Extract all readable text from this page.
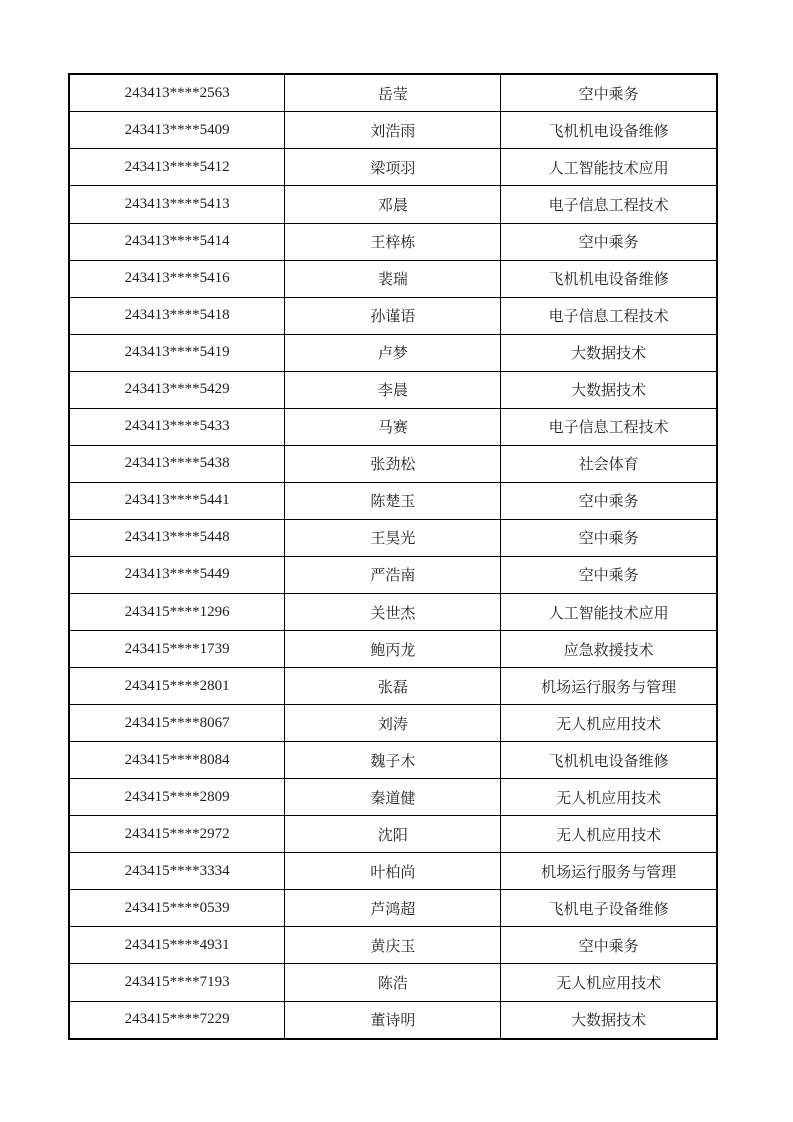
243413****2563	岳莹	空中乘务
243413****5409	刘浩雨	飞机机电设备维修
243413****5412	梁项羽	人工智能技术应用
243413****5413	邓晨	电子信息工程技术
243413****5414	王梓栋	空中乘务
243413****5416	裴瑞	飞机机电设备维修
243413****5418	孙谨语	电子信息工程技术
243413****5419	卢梦	大数据技术
243413****5429	李晨	大数据技术
243413****5433	马赛	电子信息工程技术
243413****5438	张劲松	社会体育
243413****5441	陈楚玉	空中乘务
243413****5448	王昊光	空中乘务
243413****5449	严浩南	空中乘务
243415****1296	关世杰	人工智能技术应用
243415****1739	鲍丙龙	应急救援技术
243415****2801	张磊	机场运行服务与管理
243415****8067	刘涛	无人机应用技术
243415****8084	魏子木	飞机机电设备维修
243415****2809	秦道健	无人机应用技术
243415****2972	沈阳	无人机应用技术
243415****3334	叶柏尚	机场运行服务与管理
243415****0539	芦鸿超	飞机电子设备维修
243415****4931	黄庆玉	空中乘务
243415****7193	陈浩	无人机应用技术
243415****7229	董诗明	大数据技术
